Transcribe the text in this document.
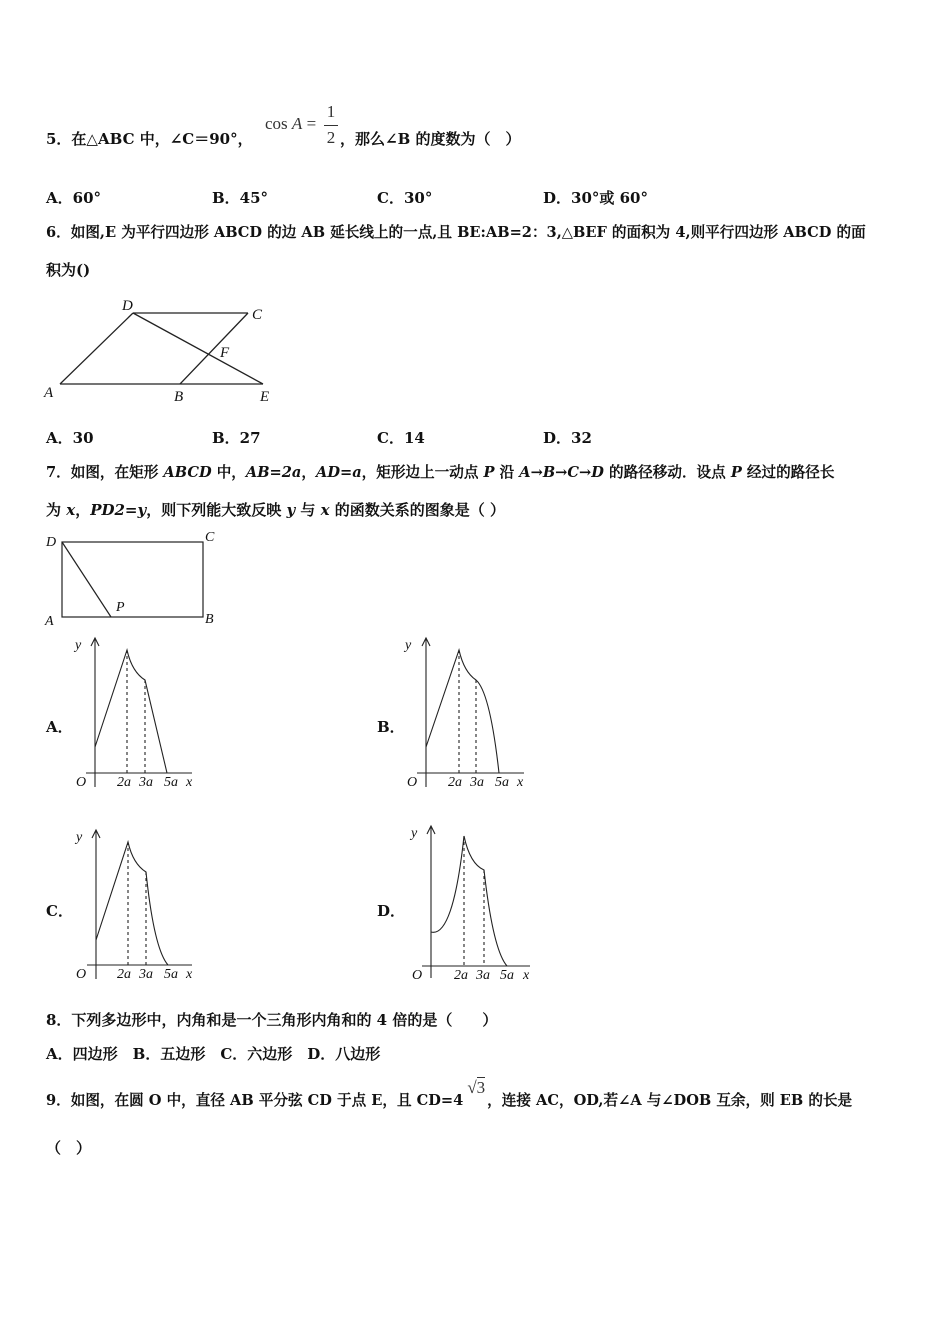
5．在△ABC 中，∠C＝90°，
cos A =
1
2 ，那么∠B 的度数为（　）
A．60°	B．45°	C．30°	D．30°或 60°
6．如图,E 为平行四边形 ABCD 的边 AB 延长线上的一点,且 BE:AB=2：3,△BEF 的面积为 4,则平行四边形 ABCD 的面
积为()
A
D
C
F
B	E
A．30	B．27	C．14	D．32
7．如图，在矩形 ABCD 中，AB=2a，AD=a，矩形边上一动点 P 沿 A→B→C→D 的路径移动．设点 P 经过的路径长
为 x，PD2=y，则下列能大致反映 y 与 x 的函数关系的图象是（ ）
D	C
A	B
P
A．	B．
C．	D．
y
O 2a 3a 5a x
y
O 2a 3a 5a x
y
O 2a 3a 5a x
y
O 2a 3a 5a x
8．下列多边形中，内角和是一个三角形内角和的 4 倍的是（　　）
A．四边形　B．五边形　C．六边形　D．八边形
9．如图，在圆 O 中，直径 AB 平分弦 CD 于点 E，且 CD=4√3，连接 AC，OD,若∠A 与∠DOB 互余，则 EB 的长是
（　）
